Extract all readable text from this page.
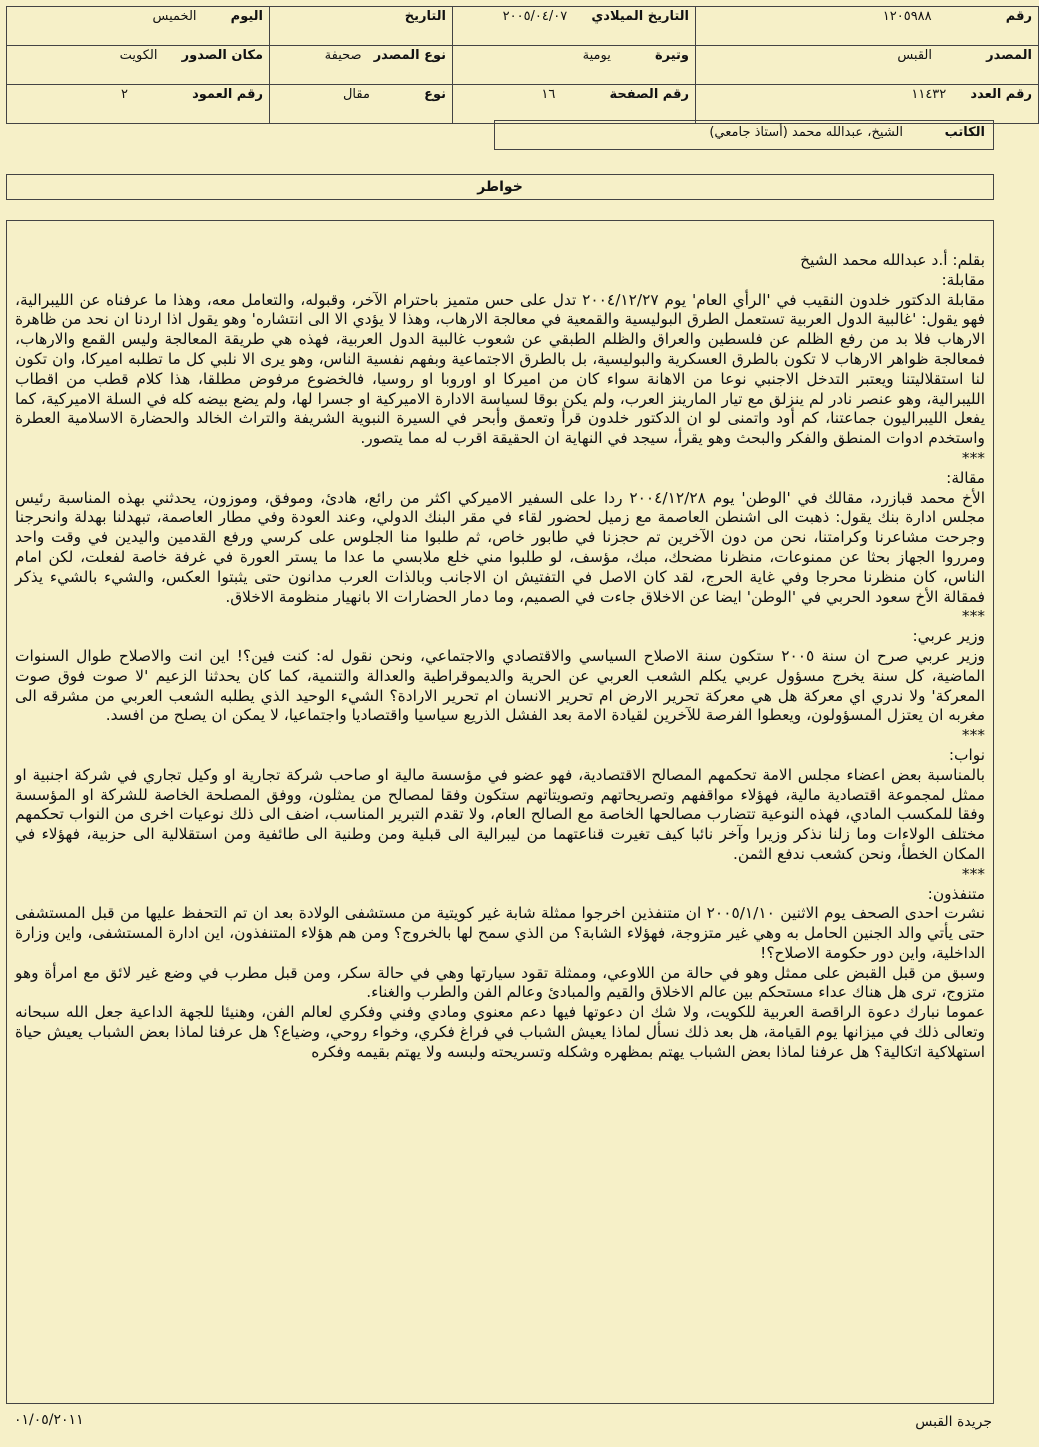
رقم ١٢٠٥٩٨٨	التاريخ الميلادي ٢٠٠٥/٠٤/٠٧	التاريخ	اليوم الخميس
المصدر القبس	وتيرة يومية	نوع المصدر صحيفة	مكان الصدور الكويت
رقم العدد ١١٤٣٢	رقم الصفحة ١٦	نوع مقال	رقم العمود ٢
الكاتب
الشيخ، عبدالله محمد (أستاذ جامعي)
خواطر

بقلم: أ.د عبدالله محمد الشيخ

مقابلة:

مقابلة الدكتور خلدون النقيب في 'الرأي العام' يوم ٢٠٠٤/١٢/٢٧ تدل على حس متميز باحترام الآخر، وقبوله، والتعامل معه، وهذا ما عرفناه عن الليبرالية، فهو يقول: 'غالبية الدول العربية تستعمل الطرق البوليسية والقمعية في معالجة الارهاب، وهذا لا يؤدي الا الى انتشاره' وهو يقول اذا اردنا ان نحد من ظاهرة الارهاب فلا بد من رفع الظلم عن فلسطين والعراق والظلم الطبقي عن شعوب غالبية الدول العربية، فهذه هي طريقة المعالجة وليس القمع والارهاب، فمعالجة ظواهر الارهاب لا تكون بالطرق العسكرية والبوليسية، بل بالطرق الاجتماعية وبفهم نفسية الناس، وهو يرى الا نلبي كل ما تطلبه اميركا، وان تكون لنا استقلاليتنا ويعتبر التدخل الاجنبي نوعا من الاهانة سواء كان من اميركا او اوروبا او روسيا، فالخضوع مرفوض مطلقا، هذا كلام قطب من اقطاب الليبرالية، وهو عنصر نادر لم ينزلق مع تيار المارينز العرب، ولم يكن بوقا لسياسة الادارة الاميركية او جسرا لها، ولم يضع بيضه كله في السلة الاميركية، كما يفعل الليبراليون جماعتنا، كم أود واتمنى لو ان الدكتور خلدون قرأ وتعمق وأبحر في السيرة النبوية الشريفة والتراث الخالد والحضارة الاسلامية العطرة واستخدم ادوات المنطق والفكر والبحث وهو يقرأ، سيجد في النهاية ان الحقيقة اقرب له مما يتصور.

***

مقالة:

الأخ محمد قبازرد، مقالك في 'الوطن' يوم ٢٠٠٤/١٢/٢٨ ردا على السفير الاميركي اكثر من رائع، هادئ، وموفق، وموزون، يحدثني بهذه المناسبة رئيس مجلس ادارة بنك يقول: ذهبت الى اشنطن العاصمة مع زميل لحضور لقاء في مقر البنك الدولي، وعند العودة وفي مطار العاصمة، تبهدلنا بهدلة وانحرجنا وجرحت مشاعرنا وكرامتنا، نحن من دون الآخرين تم حجزنا في طابور خاص، ثم طلبوا منا الجلوس على كرسي ورفع القدمين واليدين في وقت واحد ومرروا الجهاز بحثا عن ممنوعات، منظرنا مضحك، مبك، مؤسف، لو طلبوا مني خلع ملابسي ما عدا ما يستر العورة في غرفة خاصة لفعلت، لكن امام الناس، كان منظرنا محرجا وفي غاية الحرج، لقد كان الاصل في التفتيش ان الاجانب وبالذات العرب مدانون حتى يثبتوا العكس، والشيء بالشيء يذكر فمقالة الأخ سعود الحربي في 'الوطن' ايضا عن الاخلاق جاءت في الصميم، وما دمار الحضارات الا بانهيار منظومة الاخلاق.

***

وزير عربي:

وزير عربي صرح ان سنة ٢٠٠٥ ستكون سنة الاصلاح السياسي والاقتصادي والاجتماعي، ونحن نقول له: كنت فين؟! اين انت والاصلاح طوال السنوات الماضية، كل سنة يخرج مسؤول عربي يكلم الشعب العربي عن الحرية والديموقراطية والعدالة والتنمية، كما كان يحدثنا الزعيم 'لا صوت فوق صوت المعركة' ولا ندري اي معركة هل هي معركة تحرير الارض ام تحرير الانسان ام تحرير الارادة؟ الشيء الوحيد الذي يطلبه الشعب العربي من مشرقه الى مغربه ان يعتزل المسؤولون، ويعطوا الفرصة للآخرين لقيادة الامة بعد الفشل الذريع سياسيا واقتصاديا واجتماعيا، لا يمكن ان يصلح من افسد.

***

نواب:

بالمناسبة بعض اعضاء مجلس الامة تحكمهم المصالح الاقتصادية، فهو عضو في مؤسسة مالية او صاحب شركة تجارية او وكيل تجاري في شركة اجنبية او ممثل لمجموعة اقتصادية مالية، فهؤلاء مواقفهم وتصريحاتهم وتصويتاتهم ستكون وفقا لمصالح من يمثلون، ووفق المصلحة الخاصة للشركة او المؤسسة وفقا للمكسب المادي، فهذه النوعية تتضارب مصالحها الخاصة مع الصالح العام، ولا تقدم التبرير المناسب، اضف الى ذلك نوعيات اخرى من النواب تحكمهم مختلف الولاءات وما زلنا نذكر وزيرا وآخر نائبا كيف تغيرت قناعتهما من ليبرالية الى قبلية ومن وطنية الى طائفية ومن استقلالية الى حزبية، فهؤلاء في المكان الخطأ، ونحن كشعب ندفع الثمن.

***

متنفذون:

نشرت احدى الصحف يوم الاثنين ٢٠٠٥/١/١٠ ان متنفذين اخرجوا ممثلة شابة غير كويتية من مستشفى الولادة بعد ان تم التحفظ عليها من قبل المستشفى حتى يأتي والد الجنين الحامل به وهي غير متزوجة، فهؤلاء الشابة؟ من الذي سمح لها بالخروج؟ ومن هم هؤلاء المتنفذون، اين ادارة المستشفى، واين وزارة الداخلية، واين دور حكومة الاصلاح؟!

وسبق من قبل القبض على ممثل وهو في حالة من اللاوعي، وممثلة تقود سيارتها وهي في حالة سكر، ومن قبل مطرب في وضع غير لائق مع امرأة وهو متزوج، ترى هل هناك عداء مستحكم بين عالم الاخلاق والقيم والمبادئ وعالم الفن والطرب والغناء.

عموما نبارك دعوة الراقصة العربية للكويت، ولا شك ان دعوتها فيها دعم معنوي ومادي وفني وفكري لعالم الفن، وهنيئا للجهة الداعية جعل الله سبحانه وتعالى ذلك في ميزانها يوم القيامة، هل بعد ذلك نسأل لماذا يعيش الشباب في فراغ فكري، وخواء روحي، وضياع؟ هل عرفنا لماذا بعض الشباب يعيش حياة استهلاكية اتكالية؟ هل عرفنا لماذا بعض الشباب يهتم بمظهره وشكله وتسريحته ولبسه ولا يهتم بقيمه وفكره

جريدة القبس
٠١/٠٥/٢٠١١
